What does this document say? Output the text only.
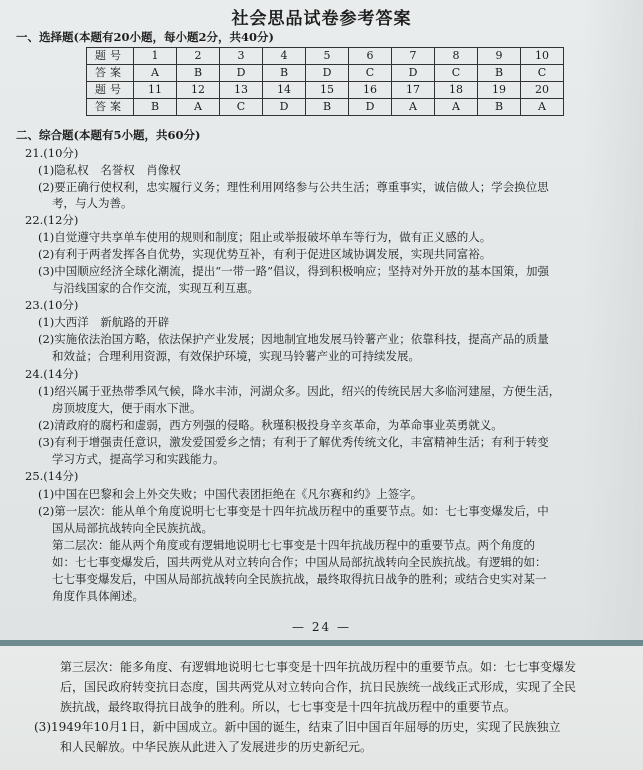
社会思品试卷参考答案
一、选择题(本题有20小题，每小题2分，共40分)
题号	1	2	3	4	5	6	7	8	9	10
答案	A	B	D	B	D	C	D	C	B	C
题号	11	12	13	14	15	16	17	18	19	20
答案	B	A	C	D	B	D	A	A	B	A
二、综合题(本题有5小题，共60分)
21.(10分)
(1)隐私权　名誉权　肖像权
(2)要正确行使权利，忠实履行义务；理性利用网络参与公共生活；尊重事实，诚信做人；学会换位思
考，与人为善。
22.(12分)
(1)自觉遵守共享单车使用的规则和制度；阻止或举报破坏单车等行为，做有正义感的人。
(2)有利于两者发挥各自优势，实现优势互补，有利于促进区域协调发展，实现共同富裕。
(3)中国顺应经济全球化潮流，提出“一带一路”倡议，得到积极响应；坚持对外开放的基本国策，加强
与沿线国家的合作交流，实现互利互惠。
23.(10分)
(1)大西洋　新航路的开辟
(2)实施依法治国方略，依法保护产业发展；因地制宜地发展马铃薯产业；依靠科技，提高产品的质量
和效益；合理利用资源，有效保护环境，实现马铃薯产业的可持续发展。
24.(14分)
(1)绍兴属于亚热带季风气候，降水丰沛，河湖众多。因此，绍兴的传统民居大多临河建屋，方便生活，
房顶坡度大，便于雨水下泄。
(2)清政府的腐朽和虚弱，西方列强的侵略。秋瑾积极投身辛亥革命，为革命事业英勇就义。
(3)有利于增强责任意识，激发爱国爱乡之情；有利于了解优秀传统文化，丰富精神生活；有利于转变
学习方式，提高学习和实践能力。
25.(14分)
(1)中国在巴黎和会上外交失败；中国代表团拒绝在《凡尔赛和约》上签字。
(2)第一层次：能从单个角度说明七七事变是十四年抗战历程中的重要节点。如：七七事变爆发后，中
国从局部抗战转向全民族抗战。
第二层次：能从两个角度或有逻辑地说明七七事变是十四年抗战历程中的重要节点。两个角度的
如：七七事变爆发后，国共两党从对立转向合作；中国从局部抗战转向全民族抗战。有逻辑的如：
七七事变爆发后，中国从局部抗战转向全民族抗战，最终取得抗日战争的胜利；或结合史实对某一
角度作具体阐述。
— 24 —
第三层次：能多角度、有逻辑地说明七七事变是十四年抗战历程中的重要节点。如：七七事变爆发
后，国民政府转变抗日态度，国共两党从对立转向合作，抗日民族统一战线正式形成，实现了全民
族抗战，最终取得抗日战争的胜利。所以，七七事变是十四年抗战历程中的重要节点。
(3)1949年10月1日，新中国成立。新中国的诞生，结束了旧中国百年屈辱的历史，实现了民族独立
和人民解放。中华民族从此进入了发展进步的历史新纪元。
